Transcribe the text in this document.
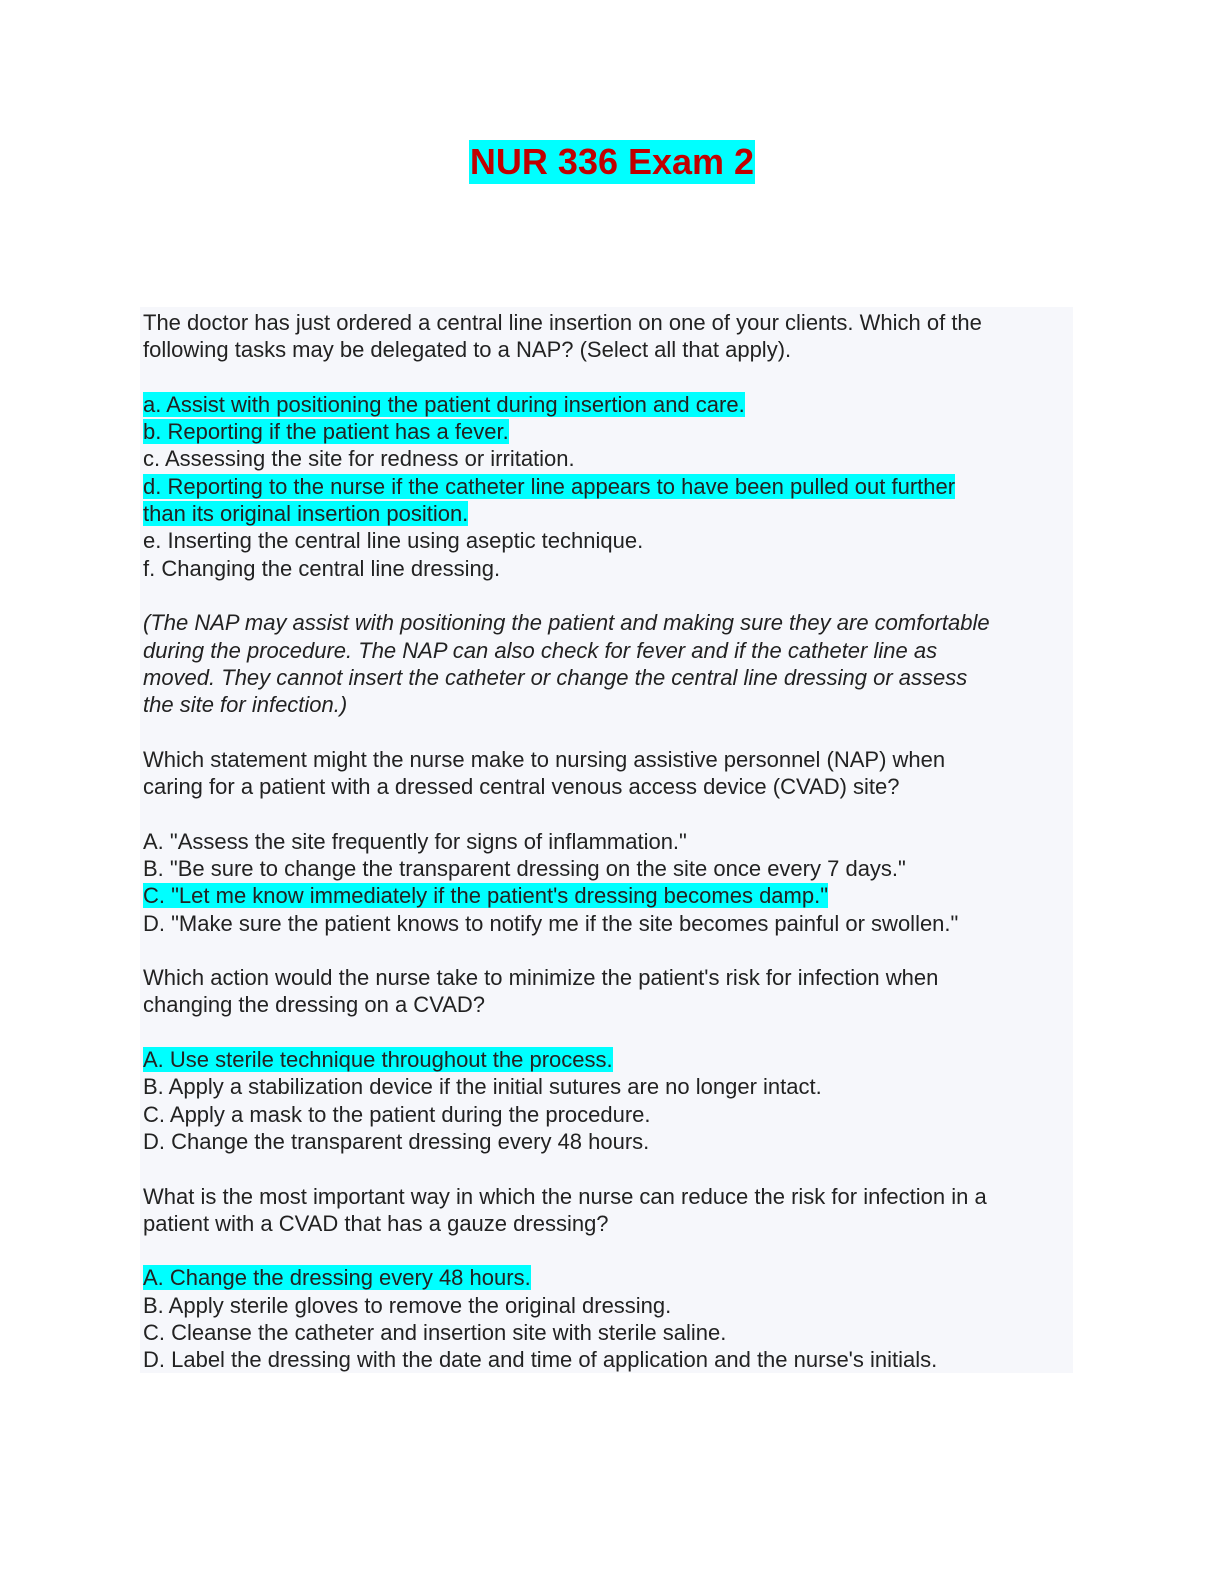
NUR 336 Exam 2
The doctor has just ordered a central line insertion on one of your clients. Which of the
following tasks may be delegated to a NAP? (Select all that apply).
a. Assist with positioning the patient during insertion and care.
b. Reporting if the patient has a fever.
c. Assessing the site for redness or irritation.
d. Reporting to the nurse if the catheter line appears to have been pulled out further
than its original insertion position.
e. Inserting the central line using aseptic technique.
f. Changing the central line dressing.
(The NAP may assist with positioning the patient and making sure they are comfortable
during the procedure. The NAP can also check for fever and if the catheter line as
moved. They cannot insert the catheter or change the central line dressing or assess
the site for infection.)
Which statement might the nurse make to nursing assistive personnel (NAP) when
caring for a patient with a dressed central venous access device (CVAD) site?
A. "Assess the site frequently for signs of inflammation."
B. "Be sure to change the transparent dressing on the site once every 7 days."
C. "Let me know immediately if the patient's dressing becomes damp."
D. "Make sure the patient knows to notify me if the site becomes painful or swollen."
Which action would the nurse take to minimize the patient's risk for infection when
changing the dressing on a CVAD?
A. Use sterile technique throughout the process.
B. Apply a stabilization device if the initial sutures are no longer intact.
C. Apply a mask to the patient during the procedure.
D. Change the transparent dressing every 48 hours.
What is the most important way in which the nurse can reduce the risk for infection in a
patient with a CVAD that has a gauze dressing?
A. Change the dressing every 48 hours.
B. Apply sterile gloves to remove the original dressing.
C. Cleanse the catheter and insertion site with sterile saline.
D. Label the dressing with the date and time of application and the nurse's initials.
